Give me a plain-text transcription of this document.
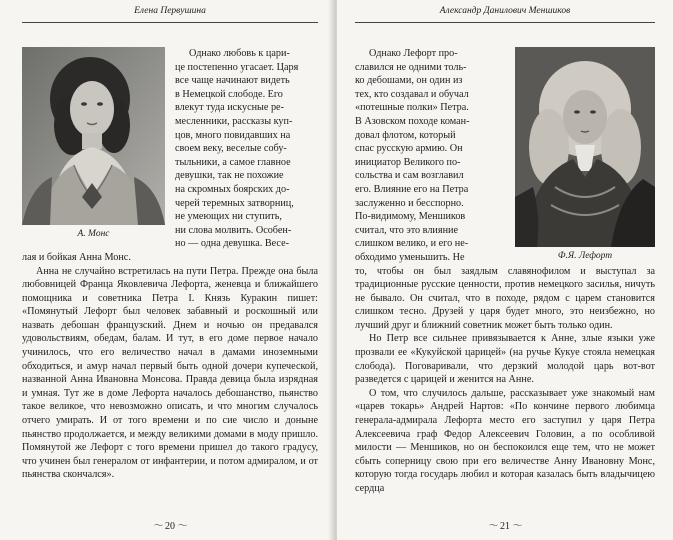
Елена Первушина
А. Монс

Однако любовь к цари-

це постепенно угасает. Царя

все чаще начинают видеть

в Немецкой слободе. Его

влекут туда искусные ре-

месленники, рассказы куп-

цов, много повидавших на

своем веку, веселые собу-

тыльники, а самое главное

девушки, так не похожие

на скромных боярских до-

черей теремных затворниц,

не умеющих ни ступить,

ни слова молвить. Особен-

но — одна девушка. Весе-

лая и бойкая Анна Монс.

Анна не случайно встретилась на пути Петра. Прежде она была любовницей Франца Яковлевича Лефорта, женевца и ближайшего помощника и советника Петра I. Князь Куракин пишет: «Помянутый Лефорт был человек забавный и роскошный или назвать дебошан французский. Днем и ночью он предавался удовольствиям, обедам, балам. И тут, в его доме первое начало учинилось, что его величество начал в дамами иноземными обходиться, и амур начал первый быть одной дочери купеческой, названной Анна Ивановна Монсова. Правда девица была изрядная и умная. Тут же в доме Лефорта началось дебошанство, пьянство такое великое, что невозможно описать, и что многим случалось отчего умирать. И от того времени и по сие число и доныне пьянство продолжается, и между великими домами в моду пришло. Помянутой же Лефорт с того времени пришел до такого градусу, что учинен был генералом от инфантерии, и потом адмиралом, и от пьянства скончался».

〜 20 〜
Александр Данилович Меншиков
Ф.Я. Лефорт

Однако Лефорт про-

славился не одними толь-

ко дебошами, он один из

тех, кто создавал и обучал

«потешные полки» Петра.

В Азовском походе коман-

довал флотом, который

спас русскую армию. Он

инициатор Великого по-

сольства и сам возглавил

его. Влияние его на Петра

заслуженно и бесспорно.

По-видимому, Меншиков

считал, что это влияние

слишком велико, и его не-

обходимо уменьшить. Не

то, чтобы он был заядлым славянофилом и выступал за традиционные русские ценности, против немецкого засилья, ничуть не бывало. Он считал, что в походе, рядом с царем становится слишком тесно. Друзей у царя будет много, это неизбежно, но лучший друг и ближний советник может быть только один.

Но Петр все сильнее привязывается к Анне, злые языки уже прозвали ее «Кукуйской царицей» (на ручье Кукуе стояла немецкая слобода). Поговаривали, что дерзкий молодой царь вот-вот разведется с царицей и женится на Анне.

О том, что случилось дальше, рассказывает уже знакомый нам «царев токарь» Андрей Нартов: «По кончине первого любимца генерала-адмирала Лефорта место его заступил у царя Петра Алексеевича граф Федор Алексеевич Головин, а по особливой милости — Меншиков, но он беспокоился еще тем, что не может сбыть соперницу свою при его величестве Анну Ивановну Монс, которую тогда государь любил и которая казалась быть владычицею сердца

〜 21 〜
